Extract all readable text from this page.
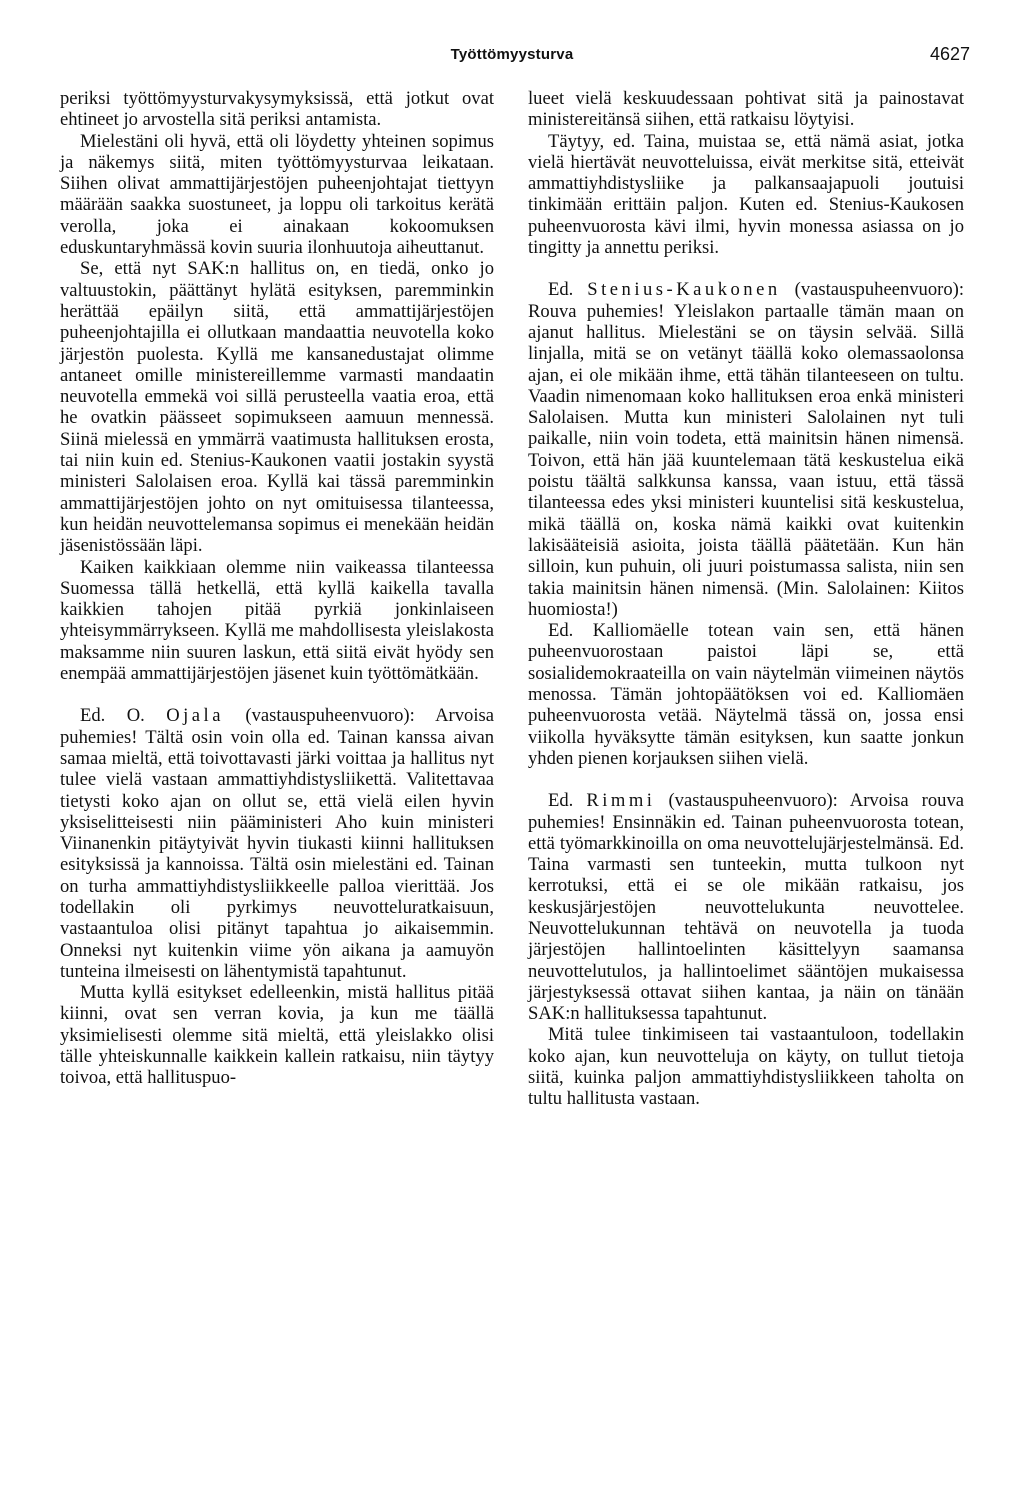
Työttömyysturva	4627

periksi työttömyysturvakysymyksissä, että jotkut ovat ehtineet jo arvostella sitä periksi antamista.

Mielestäni oli hyvä, että oli löydetty yhteinen sopimus ja näkemys siitä, miten työttömyysturvaa leikataan. Siihen olivat ammattijärjestöjen puheenjohtajat tiettyyn määrään saakka suostuneet, ja loppu oli tarkoitus kerätä verolla, joka ei ainakaan kokoomuksen eduskuntaryhmässä kovin suuria ilonhuutoja aiheuttanut.

Se, että nyt SAK:n hallitus on, en tiedä, onko jo valtuustokin, päättänyt hylätä esityksen, paremminkin herättää epäilyn siitä, että ammattijärjestöjen puheenjohtajilla ei ollutkaan mandaattia neuvotella koko järjestön puolesta. Kyllä me kansanedustajat olimme antaneet omille ministereillemme varmasti mandaatin neuvotella emmekä voi sillä perusteella vaatia eroa, että he ovatkin päässeet sopimukseen aamuun mennessä. Siinä mielessä en ymmärrä vaatimusta hallituksen erosta, tai niin kuin ed. Stenius-Kaukonen vaatii jostakin syystä ministeri Salolaisen eroa. Kyllä kai tässä paremminkin ammattijärjestöjen johto on nyt omituisessa tilanteessa, kun heidän neuvottelemansa sopimus ei menekään heidän jäsenistössään läpi.

Kaiken kaikkiaan olemme niin vaikeassa tilanteessa Suomessa tällä hetkellä, että kyllä kaikella tavalla kaikkien tahojen pitää pyrkiä jonkinlaiseen yhteisymmärrykseen. Kyllä me mahdollisesta yleislakosta maksamme niin suuren laskun, että siitä eivät hyödy sen enempää ammattijärjestöjen jäsenet kuin työttömätkään.

Ed. O. Ojala (vastauspuheenvuoro): Arvoisa puhemies! Tältä osin voin olla ed. Tainan kanssa aivan samaa mieltä, että toivottavasti järki voittaa ja hallitus nyt tulee vielä vastaan ammattiyhdistysliikettä. Valitettavaa tietysti koko ajan on ollut se, että vielä eilen hyvin yksiselitteisesti niin pääministeri Aho kuin ministeri Viinanenkin pitäytyivät hyvin tiukasti kiinni hallituksen esityksissä ja kannoissa. Tältä osin mielestäni ed. Tainan on turha ammattiyhdistysliikkeelle palloa vierittää. Jos todellakin oli pyrkimys neuvotteluratkaisuun, vastaantuloa olisi pitänyt tapahtua jo aikaisemmin. Onneksi nyt kuitenkin viime yön aikana ja aamuyön tunteina ilmeisesti on lähentymistä tapahtunut.

Mutta kyllä esitykset edelleenkin, mistä hallitus pitää kiinni, ovat sen verran kovia, ja kun me täällä yksimielisesti olemme sitä mieltä, että yleislakko olisi tälle yhteiskunnalle kaikkein kallein ratkaisu, niin täytyy toivoa, että hallituspuo-

lueet vielä keskuudessaan pohtivat sitä ja painostavat ministereitänsä siihen, että ratkaisu löytyisi.

Täytyy, ed. Taina, muistaa se, että nämä asiat, jotka vielä hiertävät neuvotteluissa, eivät merkitse sitä, etteivät ammattiyhdistysliike ja palkansaajapuoli joutuisi tinkimään erittäin paljon. Kuten ed. Stenius-Kaukosen puheenvuorosta kävi ilmi, hyvin monessa asiassa on jo tingitty ja annettu periksi.

Ed. Stenius-Kaukonen (vastauspuheenvuoro): Rouva puhemies! Yleislakon partaalle tämän maan on ajanut hallitus. Mielestäni se on täysin selvää. Sillä linjalla, mitä se on vetänyt täällä koko olemassaolonsa ajan, ei ole mikään ihme, että tähän tilanteeseen on tultu. Vaadin nimenomaan koko hallituksen eroa enkä ministeri Salolaisen. Mutta kun ministeri Salolainen nyt tuli paikalle, niin voin todeta, että mainitsin hänen nimensä. Toivon, että hän jää kuuntelemaan tätä keskustelua eikä poistu täältä salkkunsa kanssa, vaan istuu, että tässä tilanteessa edes yksi ministeri kuuntelisi sitä keskustelua, mikä täällä on, koska nämä kaikki ovat kuitenkin lakisääteisiä asioita, joista täällä päätetään. Kun hän silloin, kun puhuin, oli juuri poistumassa salista, niin sen takia mainitsin hänen nimensä. (Min. Salolainen: Kiitos huomiosta!)

Ed. Kalliomäelle totean vain sen, että hänen puheenvuorostaan paistoi läpi se, että sosialidemokraateilla on vain näytelmän viimeinen näytös menossa. Tämän johtopäätöksen voi ed. Kalliomäen puheenvuorosta vetää. Näytelmä tässä on, jossa ensi viikolla hyväksytte tämän esityksen, kun saatte jonkun yhden pienen korjauksen siihen vielä.

Ed. Rimmi (vastauspuheenvuoro): Arvoisa rouva puhemies! Ensinnäkin ed. Tainan puheenvuorosta totean, että työmarkkinoilla on oma neuvottelujärjestelmänsä. Ed. Taina varmasti sen tunteekin, mutta tulkoon nyt kerrotuksi, että ei se ole mikään ratkaisu, jos keskusjärjestöjen neuvottelukunta neuvottelee. Neuvottelukunnan tehtävä on neuvotella ja tuoda järjestöjen hallintoelinten käsittelyyn saamansa neuvottelutulos, ja hallintoelimet sääntöjen mukaisessa järjestyksessä ottavat siihen kantaa, ja näin on tänään SAK:n hallituksessa tapahtunut.

Mitä tulee tinkimiseen tai vastaantuloon, todellakin koko ajan, kun neuvotteluja on käyty, on tullut tietoja siitä, kuinka paljon ammattiyhdistysliikkeen taholta on tultu hallitusta vastaan.
